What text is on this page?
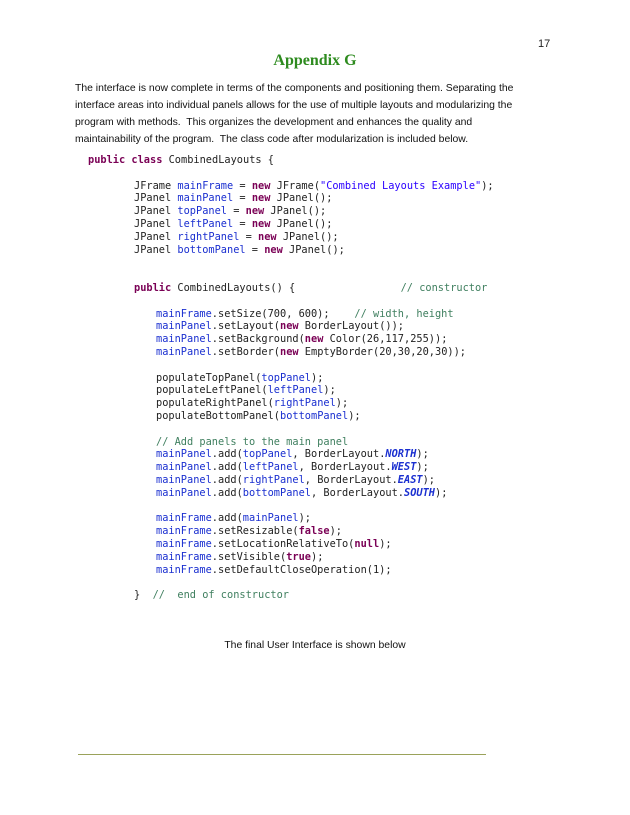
17
Appendix G
The interface is now complete in terms of the components and positioning them. Separating the
interface areas into individual panels allows for the use of multiple layouts and modularizing the
program with methods.  This organizes the development and enhances the quality and
maintainability of the program.  The class code after modularization is included below.
public class CombinedLayouts {
JFrame mainFrame = new JFrame("Combined Layouts Example");
JPanel mainPanel = new JPanel();
JPanel topPanel = new JPanel();
JPanel leftPanel = new JPanel();
JPanel rightPanel = new JPanel();
JPanel bottomPanel = new JPanel();
public CombinedLayouts() {	// constructor
mainFrame.setSize(700, 600);    // width, height
mainPanel.setLayout(new BorderLayout());
mainPanel.setBackground(new Color(26,117,255));
mainPanel.setBorder(new EmptyBorder(20,30,20,30));
populateTopPanel(topPanel);
populateLeftPanel(leftPanel);
populateRightPanel(rightPanel);
populateBottomPanel(bottomPanel);
// Add panels to the main panel
mainPanel.add(topPanel, BorderLayout.NORTH);
mainPanel.add(leftPanel, BorderLayout.WEST);
mainPanel.add(rightPanel, BorderLayout.EAST);
mainPanel.add(bottomPanel, BorderLayout.SOUTH);
mainFrame.add(mainPanel);
mainFrame.setResizable(false);
mainFrame.setLocationRelativeTo(null);
mainFrame.setVisible(true);
mainFrame.setDefaultCloseOperation(1);
}  //  end of constructor
The final User Interface is shown below
